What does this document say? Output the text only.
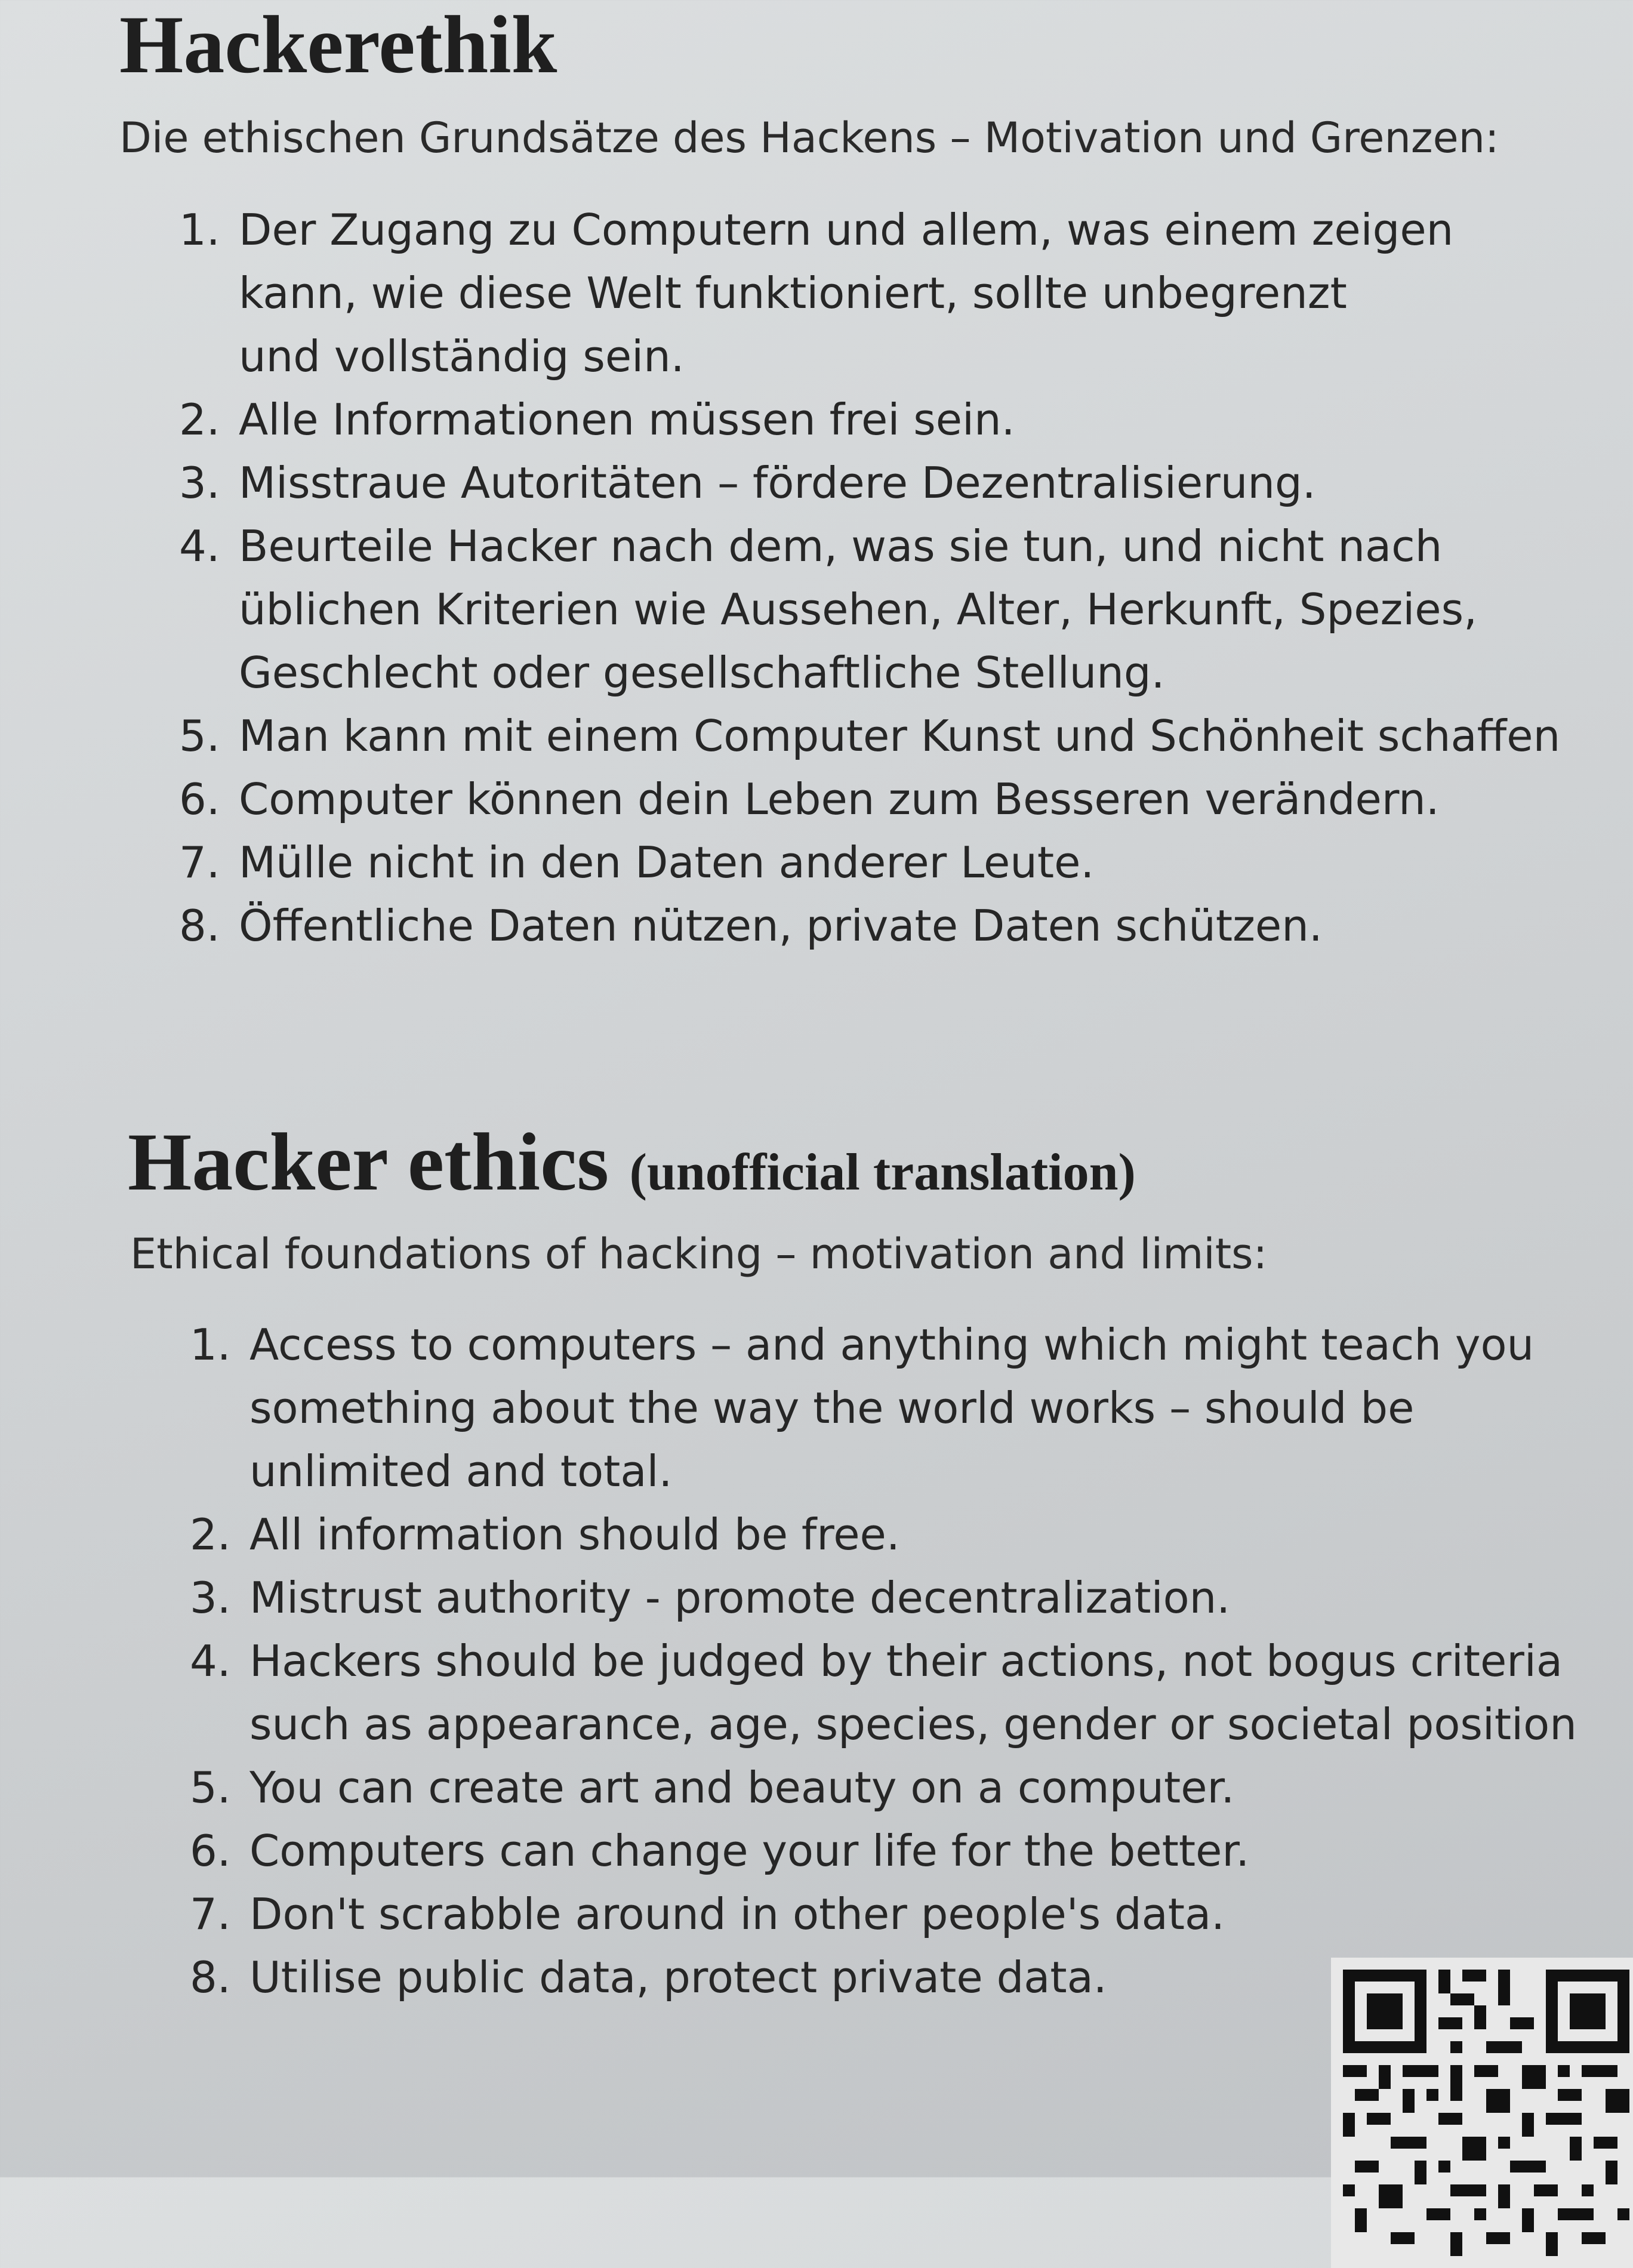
Hackerethik

Die ethischen Grundsätze des Hackens – Motivation und Grenzen:

1. Der Zugang zu Computern und allem, was einem zeigen
kann, wie diese Welt funktioniert, sollte unbegrenzt
und vollständig sein.
2. Alle Informationen müssen frei sein.
3. Misstraue Autoritäten – fördere Dezentralisierung.
4. Beurteile Hacker nach dem, was sie tun, und nicht nach
üblichen Kriterien wie Aussehen, Alter, Herkunft, Spezies,
Geschlecht oder gesellschaftliche Stellung.
5. Man kann mit einem Computer Kunst und Schönheit schaffen
6. Computer können dein Leben zum Besseren verändern.
7. Mülle nicht in den Daten anderer Leute.
8. Öffentliche Daten nützen, private Daten schützen.
Hacker ethics (unofficial translation)

Ethical foundations of hacking – motivation and limits:

1. Access to computers – and anything which might teach you
something about the way the world works – should be
unlimited and total.
2. All information should be free.
3. Mistrust authority - promote decentralization.
4. Hackers should be judged by their actions, not bogus criteria
such as appearance, age, species, gender or societal position
5. You can create art and beauty on a computer.
6. Computers can change your life for the better.
7. Don't scrabble around in other people's data.
8. Utilise public data, protect private data.
